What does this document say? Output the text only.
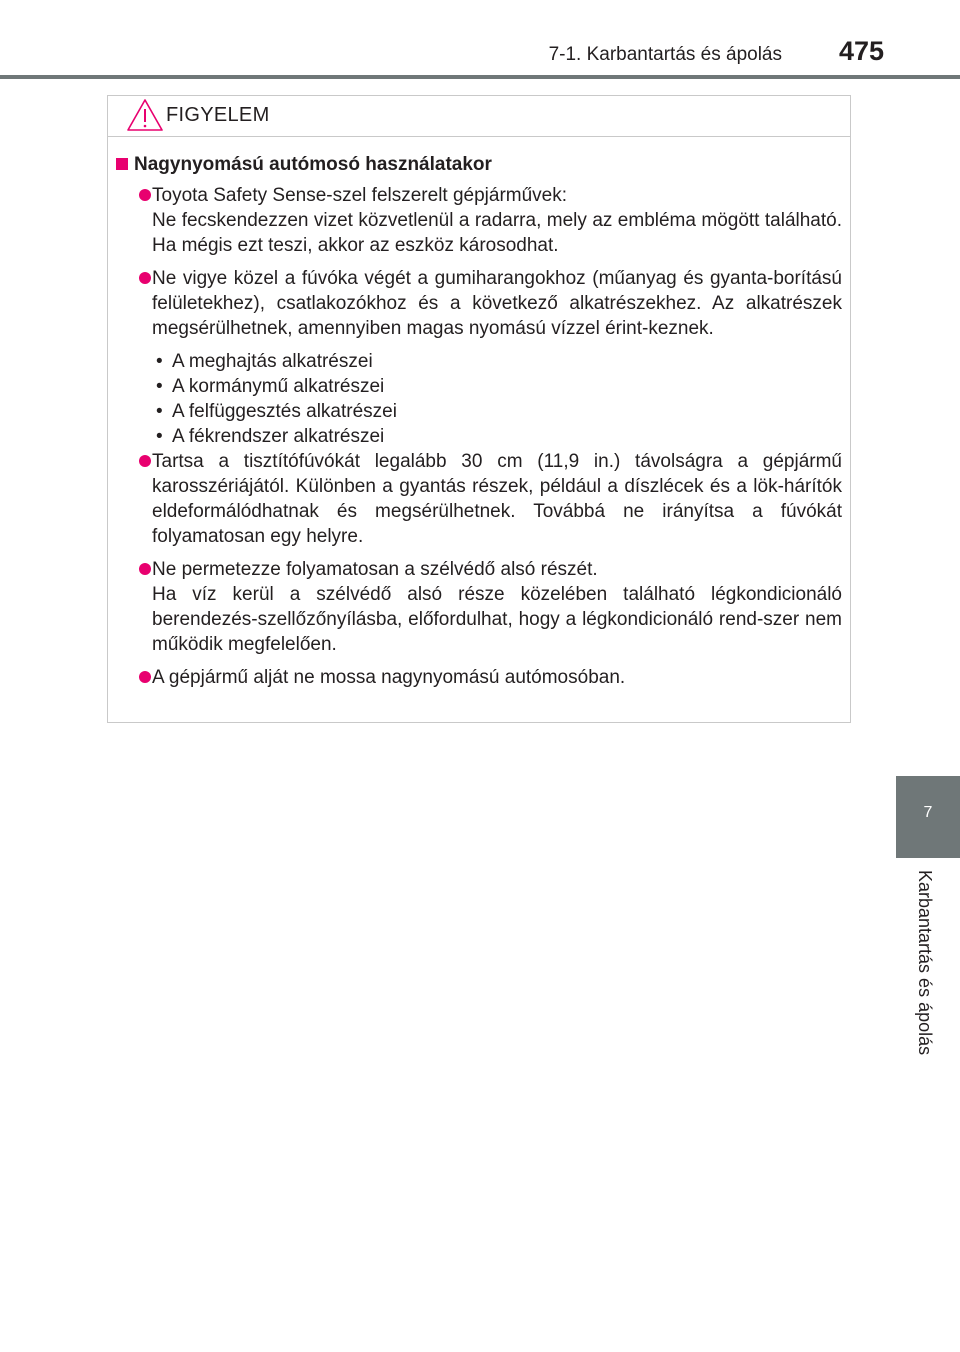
7-1. Karbantartás és ápolás 475
FIGYELEM
Nagynyomású autómosó használatakor

Toyota Safety Sense-szel felszerelt gépjárművek:

Ne fecskendezzen vizet közvetlenül a radarra, mely az embléma mögött található. Ha mégis ezt teszi, akkor az eszköz károsodhat.

Ne vigye közel a fúvóka végét a gumiharangokhoz (műanyag és gyanta-borítású felületekhez), csatlakozókhoz és a következő alkatrészekhez. Az alkatrészek megsérülhetnek, amennyiben magas nyomású vízzel érint-keznek.

• A meghajtás alkatrészei
• A kormánymű alkatrészei
• A felfüggesztés alkatrészei
• A fékrendszer alkatrészei

Tartsa a tisztítófúvókát legalább 30 cm (11,9 in.) távolságra a gépjármű karosszériájától. Különben a gyantás részek, például a díszlécek és a lök-hárítók eldeformálódhatnak és megsérülhetnek. Továbbá ne irányítsa a fúvókát folyamatosan egy helyre.

Ne permetezze folyamatosan a szélvédő alsó részét.

Ha víz kerül a szélvédő alsó része közelében található légkondicionáló berendezés-szellőzőnyílásba, előfordulhat, hogy a légkondicionáló rend-szer nem működik megfelelően.

A gépjármű alját ne mossa nagynyomású autómosóban.

7
Karbantartás és ápolás
